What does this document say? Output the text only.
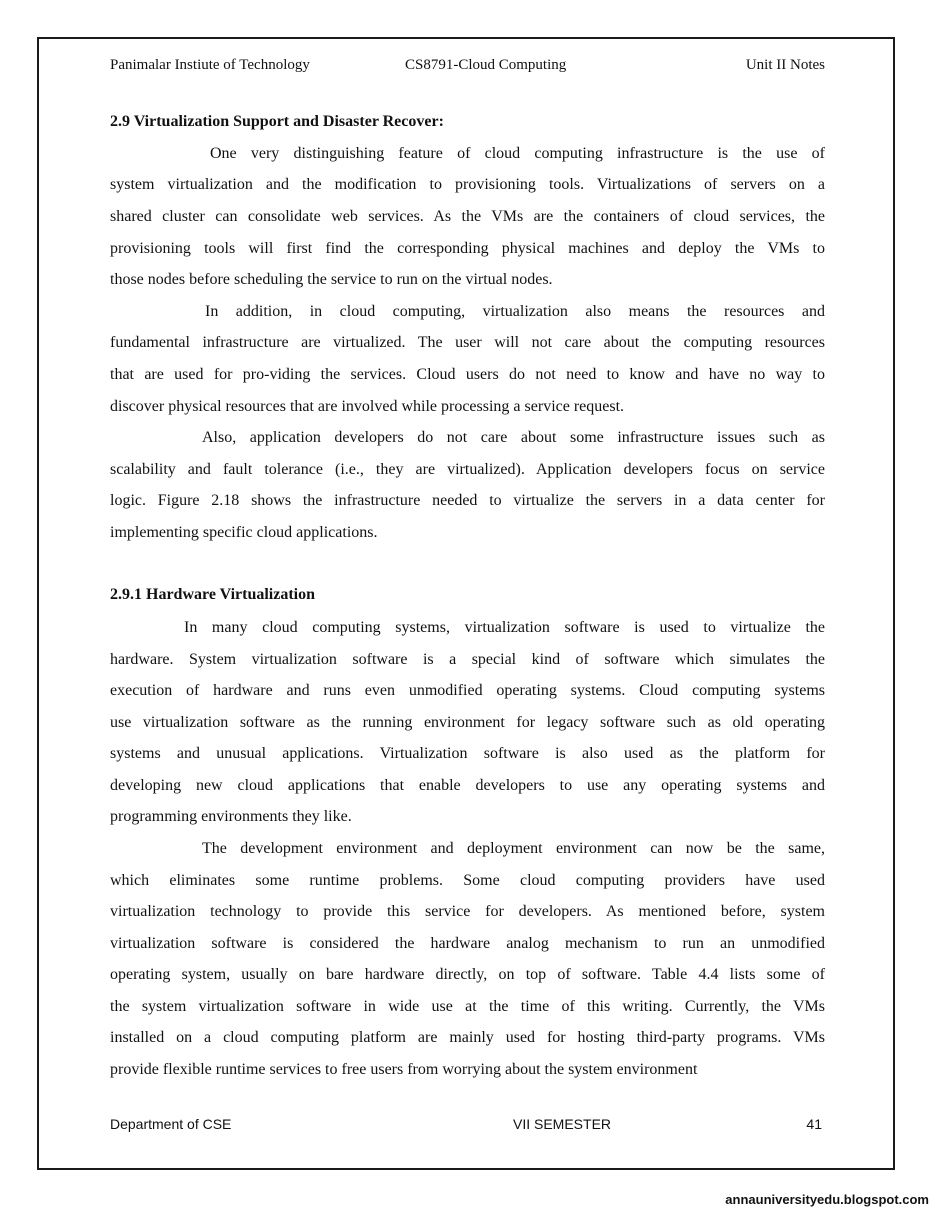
Panimalar Instiute of Technology	CS8791-Cloud Computing	Unit II Notes
2.9 Virtualization Support and Disaster Recover:
One very distinguishing feature of cloud computing infrastructure is the use of
system virtualization and the modification to provisioning tools. Virtualizations of servers on a
shared cluster can consolidate web services. As the VMs are the containers of cloud services, the
provisioning tools will first find the corresponding physical machines and deploy the VMs to
those nodes before scheduling the service to run on the virtual nodes.
In addition, in cloud computing, virtualization also means the resources and
fundamental infrastructure are virtualized. The user will not care about the computing resources
that are used for pro-viding the services. Cloud users do not need to know and have no way to
discover physical resources that are involved while processing a service request.
Also, application developers do not care about some infrastructure issues such as
scalability and fault tolerance (i.e., they are virtualized). Application developers focus on service
logic. Figure 2.18 shows the infrastructure needed to virtualize the servers in a data center for
implementing specific cloud applications.
2.9.1 Hardware Virtualization
In many cloud computing systems, virtualization software is used to virtualize the
hardware. System virtualization software is a special kind of software which simulates the
execution of hardware and runs even unmodified operating systems. Cloud computing systems
use virtualization software as the running environment for legacy software such as old operating
systems and unusual applications. Virtualization software is also used as the platform for
developing new cloud applications that enable developers to use any operating systems and
programming environments they like.
The development environment and deployment environment can now be the same,
which eliminates some runtime problems. Some cloud computing providers have used
virtualization technology to provide this service for developers. As mentioned before, system
virtualization software is considered the hardware analog mechanism to run an unmodified
operating system, usually on bare hardware directly, on top of software. Table 4.4 lists some of
the system virtualization software in wide use at the time of this writing. Currently, the VMs
installed on a cloud computing platform are mainly used for hosting third-party programs. VMs
provide flexible runtime services to free users from worrying about the system environment
Department of CSE	VII SEMESTER	41
annauniversityedu.blogspot.com
